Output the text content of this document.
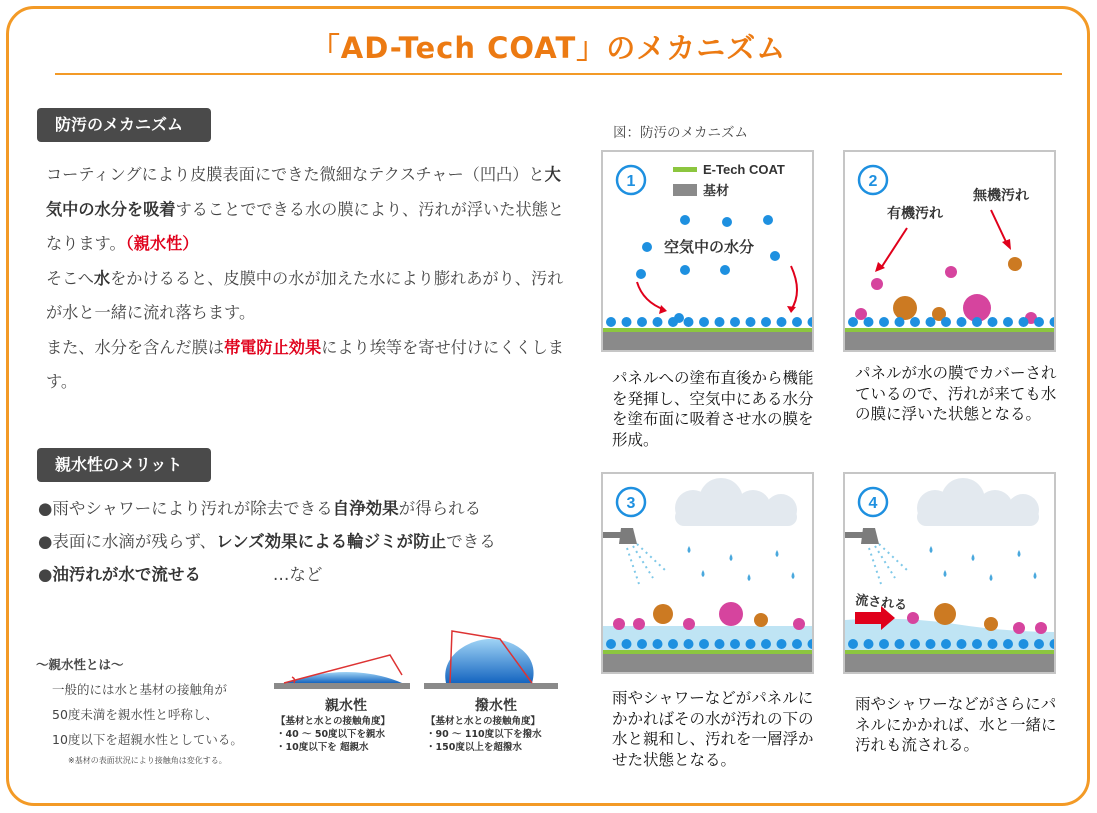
「AD-Tech COAT」のメカニズム
防汚のメカニズム
コーティングにより皮膜表面にできた微細なテクスチャー（凹凸）と大気中の水分を吸着することでできる水の膜により、汚れが浮いた状態となります。（親水性）
そこへ水をかけるると、皮膜中の水が加えた水により膨れあがり、汚れが水と一緒に流れ落ちます。
また、水分を含んだ膜は帯電防止効果により埃等を寄せ付けにくくします。
親水性のメリット
●雨やシャワーにより汚れが除去できる自浄効果が得られる
●表面に水滴が残らず、レンズ効果による輪ジミが防止できる
●油汚れが水で流せる	…など
〜親水性とは〜
一般的には水と基材の接触角が
50度未満を親水性と呼称し、
10度以下を超親水性としている。
※基材の表面状況により接触角は変化する。
親水性
【基材と水との接触角度】
・40 〜 50度以下を親水
・10度以下を 超親水
撥水性
【基材と水との接触角度】
・90 〜 110度以下を撥水
・150度以上を超撥水
図：防汚のメカニズム
1
E-Tech COAT
基材
空気中の水分
パネルへの塗布直後から機能を発揮し、空気中にある水分を塗布面に吸着させ水の膜を形成。
2
有機汚れ
無機汚れ
パネルが水の膜でカバーされているので、汚れが来ても水の膜に浮いた状態となる。
3
雨やシャワーなどがパネルにかかればその水が汚れの下の水と親和し、汚れを一層浮かせた状態となる。
4
流される
雨やシャワーなどがさらにパネルにかかれば、水と一緒に汚れも流される。
